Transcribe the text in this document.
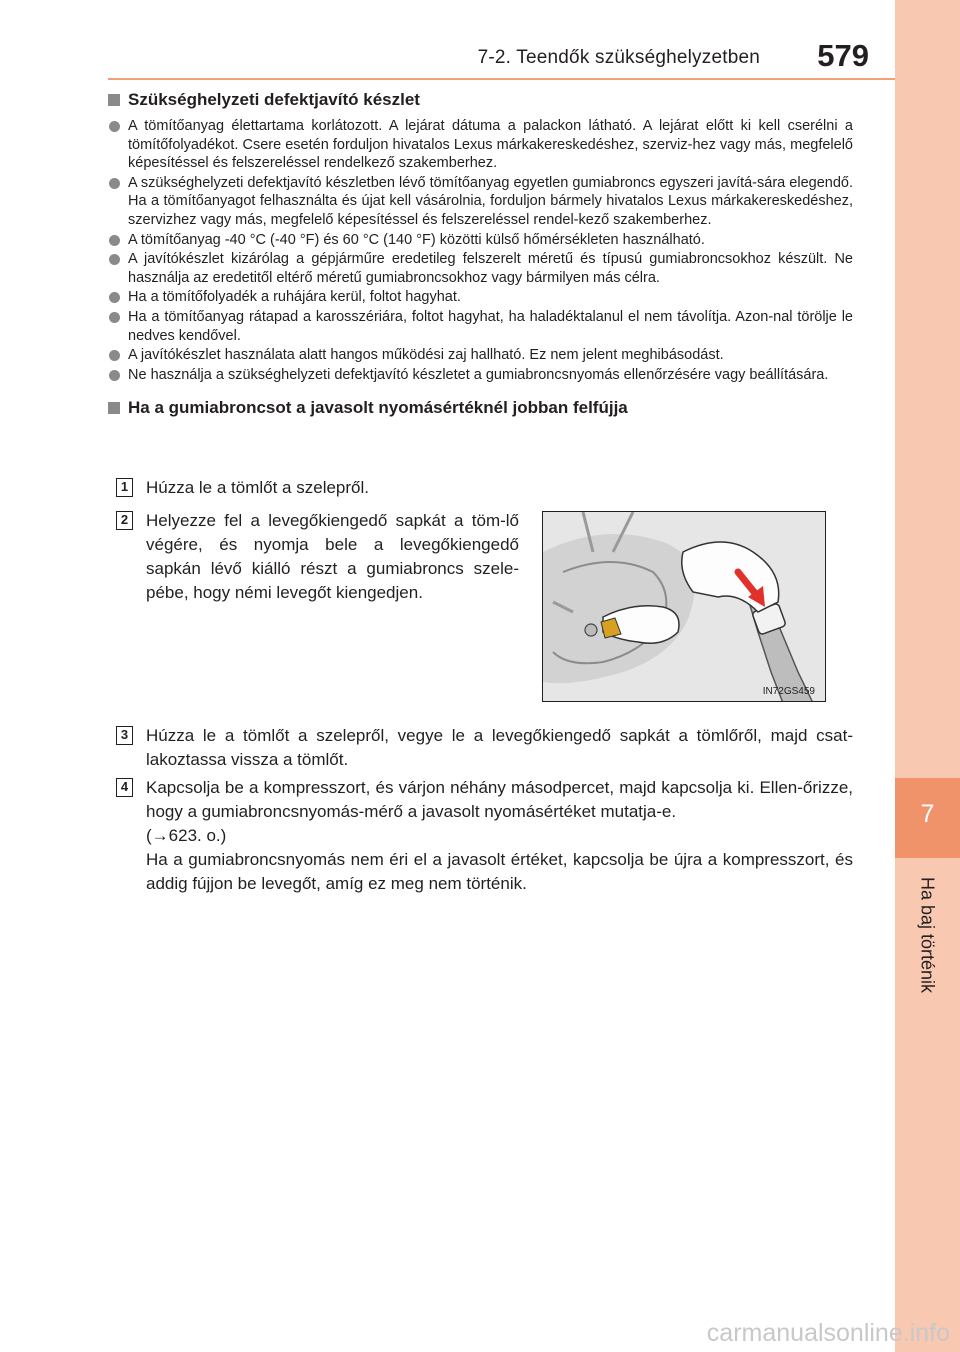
7-2. Teendők szükséghelyzetben 579
7
Ha baj történik
Szükséghelyzeti defektjavító készlet
A tömítőanyag élettartama korlátozott. A lejárat dátuma a palackon látható. A lejárat előtt ki kell cserélni a tömítőfolyadékot. Csere esetén forduljon hivatalos Lexus márkakereskedéshez, szerviz-hez vagy más, megfelelő képesítéssel és felszereléssel rendelkező szakemberhez.
A szükséghelyzeti defektjavító készletben lévő tömítőanyag egyetlen gumiabroncs egyszeri javítá-sára elegendő. Ha a tömítőanyagot felhasználta és újat kell vásárolnia, forduljon bármely hivatalos Lexus márkakereskedéshez, szervizhez vagy más, megfelelő képesítéssel és felszereléssel rendel-kező szakemberhez.
A tömítőanyag -40 °C (-40 °F) és 60 °C (140 °F) közötti külső hőmérsékleten használható.
A javítókészlet kizárólag a gépjárműre eredetileg felszerelt méretű és típusú gumiabroncsokhoz készült. Ne használja az eredetitől eltérő méretű gumiabroncsokhoz vagy bármilyen más célra.
Ha a tömítőfolyadék a ruhájára kerül, foltot hagyhat.
Ha a tömítőanyag rátapad a karosszériára, foltot hagyhat, ha haladéktalanul el nem távolítja. Azon-nal törölje le nedves kendővel.
A javítókészlet használata alatt hangos működési zaj hallható. Ez nem jelent meghibásodást.
Ne használja a szükséghelyzeti defektjavító készletet a gumiabroncsnyomás ellenőrzésére vagy beállítására.
Ha a gumiabroncsot a javasolt nyomásértéknél jobban felfújja
1 Húzza le a tömlőt a szelepről.
2 Helyezze fel a levegőkiengedő sapkát a töm-lő végére, és nyomja bele a levegőkiengedő sapkán lévő kiálló részt a gumiabroncs szele-pébe, hogy némi levegőt kiengedjen.
IN72GS459
3 Húzza le a tömlőt a szelepről, vegye le a levegőkiengedő sapkát a tömlőről, majd csat-lakoztassa vissza a tömlőt.
4 Kapcsolja be a kompresszort, és várjon néhány másodpercet, majd kapcsolja ki. Ellen-őrizze, hogy a gumiabroncsnyomás-mérő a javasolt nyomásértéket mutatja-e.
(→623. o.)
Ha a gumiabroncsnyomás nem éri el a javasolt értéket, kapcsolja be újra a kompresszort, és addig fújjon be levegőt, amíg ez meg nem történik.
carmanualsonline.info
